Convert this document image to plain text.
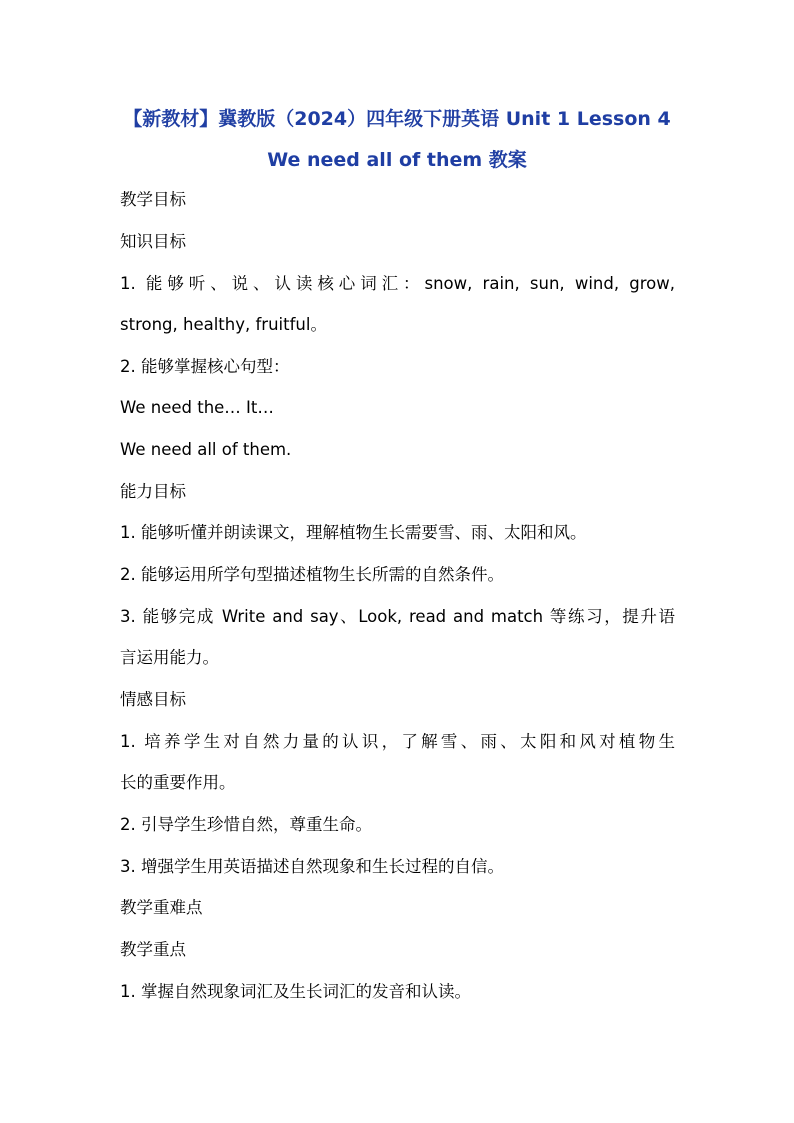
【新教材】冀教版（2024）四年级下册英语 Unit 1 Lesson 4
We need all of them 教案
教学目标
知识目标
1. 能够听、说、认读核心词汇：snow, rain, sun, wind, grow,
strong, healthy, fruitful。
2. 能够掌握核心句型：
We need the… It…
We need all of them.
能力目标
1. 能够听懂并朗读课文，理解植物生长需要雪、雨、太阳和风。
2. 能够运用所学句型描述植物生长所需的自然条件。
3. 能够完成 Write and say、Look, read and match 等练习，提升语
言运用能力。
情感目标
1. 培养学生对自然力量的认识，了解雪、雨、太阳和风对植物生
长的重要作用。
2. 引导学生珍惜自然，尊重生命。
3. 增强学生用英语描述自然现象和生长过程的自信。
教学重难点
教学重点
1. 掌握自然现象词汇及生长词汇的发音和认读。
